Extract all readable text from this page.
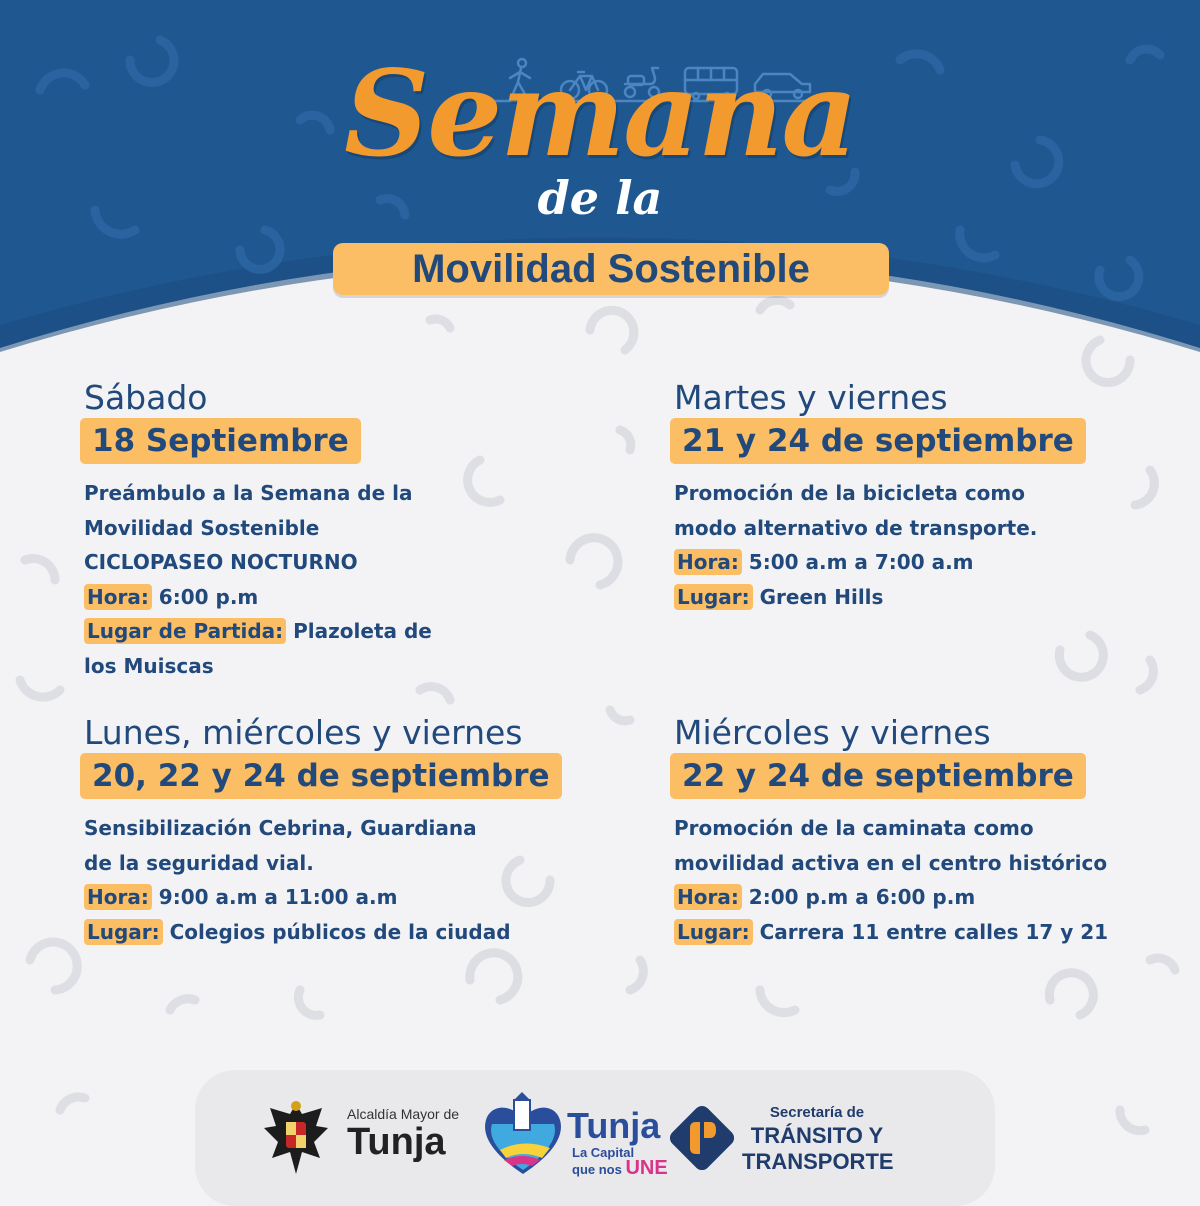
Semana
de la
Movilidad Sostenible
Sábado
18 Septiembre
Preámbulo a la Semana de la
Movilidad Sostenible
CICLOPASEO NOCTURNO
Hora: 6:00 p.m
Lugar de Partida: Plazoleta de
los Muiscas
Martes y viernes
21 y 24 de septiembre
Promoción de la bicicleta como
modo alternativo de transporte.
Hora: 5:00 a.m a 7:00 a.m
Lugar: Green Hills
Lunes, miércoles y viernes
20, 22 y 24 de septiembre
Sensibilización Cebrina, Guardiana
de la seguridad vial.
Hora: 9:00 a.m a 11:00 a.m
Lugar: Colegios públicos de la ciudad
Miércoles y viernes
22 y 24 de septiembre
Promoción de la caminata como
movilidad activa en el centro histórico
Hora: 2:00 p.m a 6:00 p.m
Lugar: Carrera 11 entre calles 17 y 21
Alcaldía Mayor de
Tunja	Tunja
La Capital
que nos UNE
Secretaría de
TRÁNSITO Y
TRANSPORTE
